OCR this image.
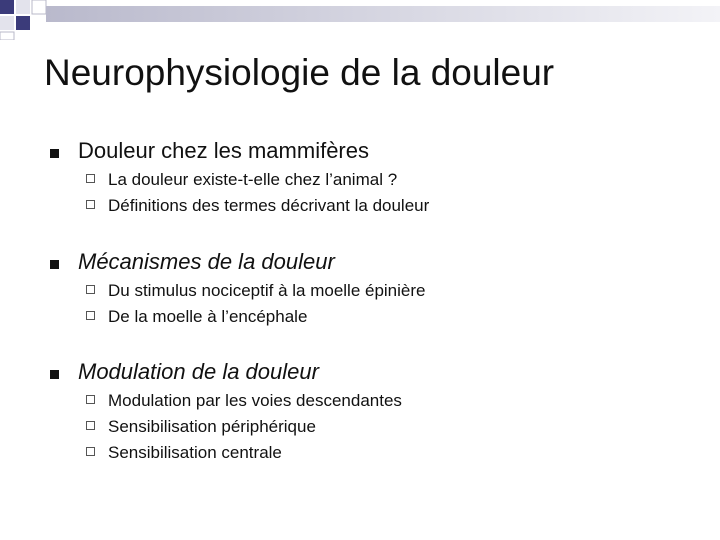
Neurophysiologie de la douleur
Douleur chez les mammifères
La douleur existe-t-elle chez l’animal ?
Définitions des termes décrivant la douleur
Mécanismes de la douleur
Du stimulus nociceptif à la moelle épinière
De la moelle à l’encéphale
Modulation de la douleur
Modulation par les voies descendantes
Sensibilisation périphérique
Sensibilisation centrale
